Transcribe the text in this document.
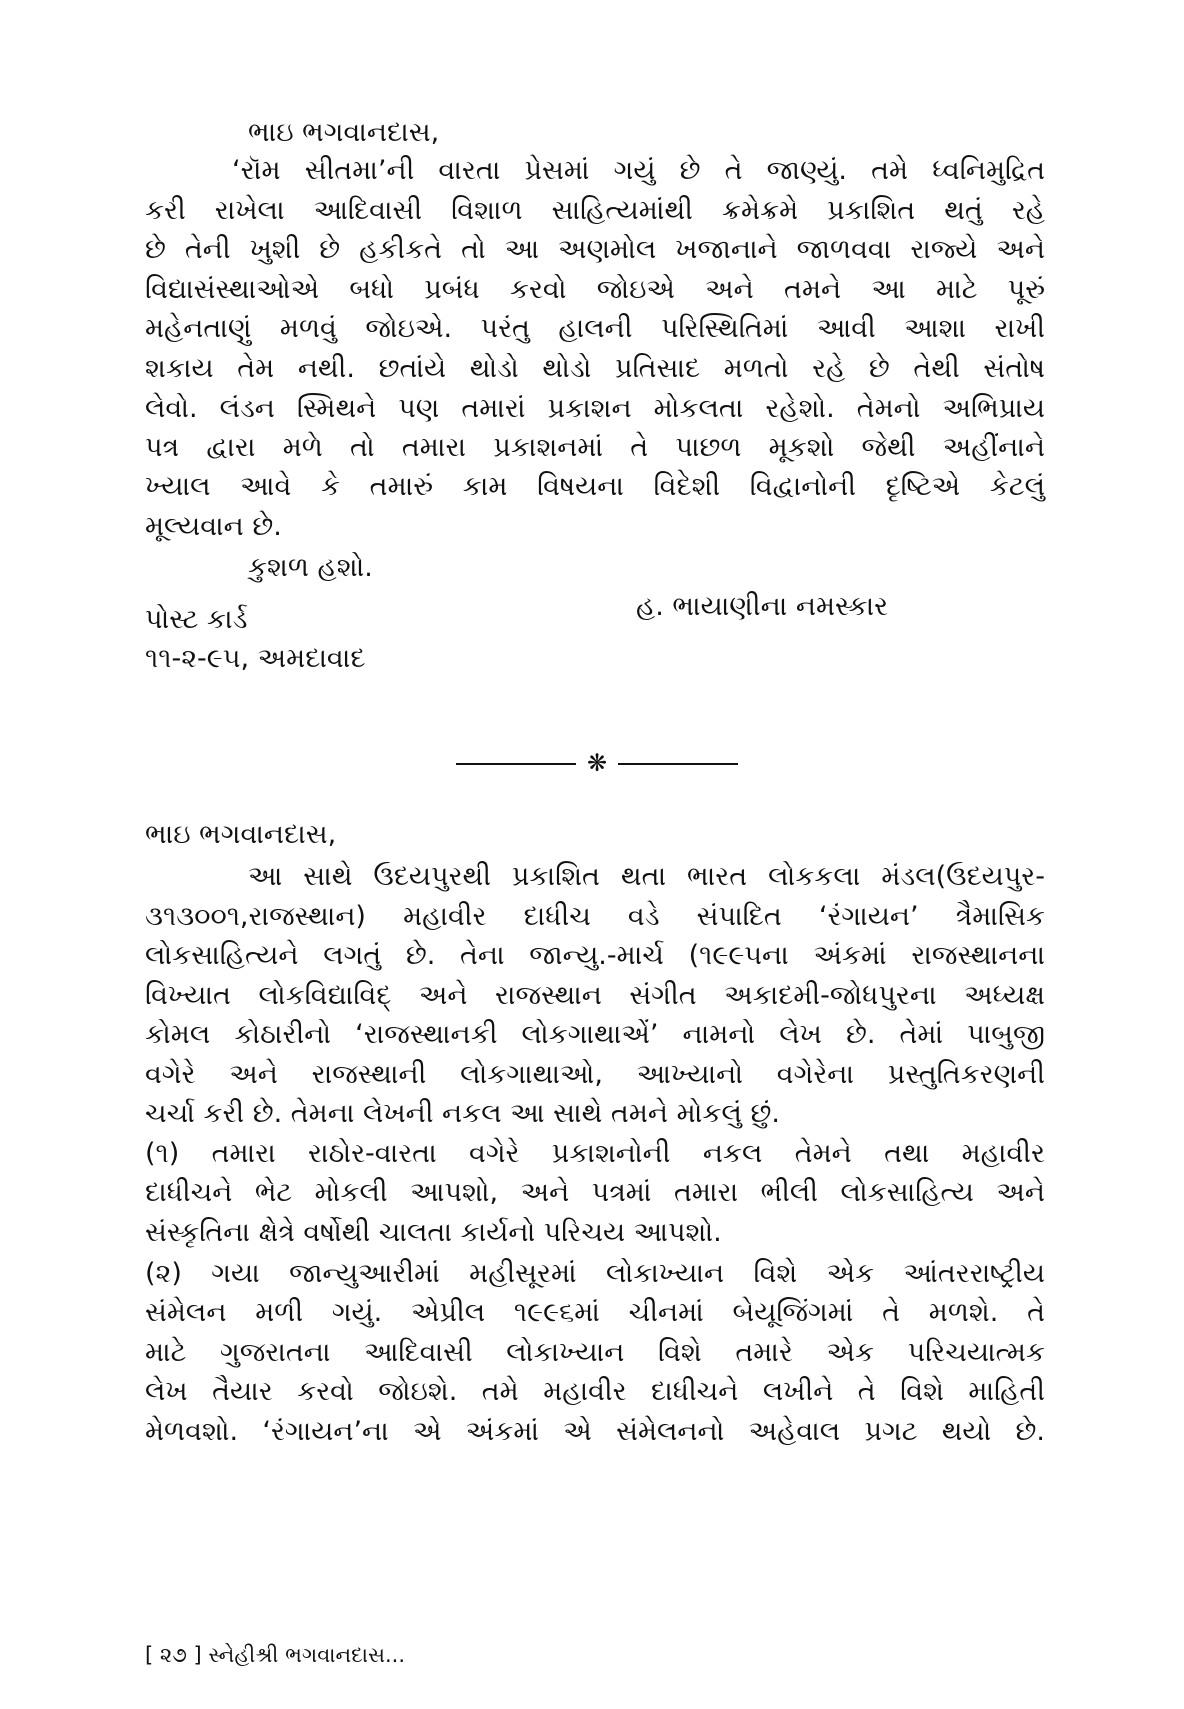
ભાઇ ભગવાનદાસ,
‘રૉમ સીતમા’ની વારતા પ્રેસમાં ગયું છે તે જાણ્યું. તમે ધ્વનિમુદ્રિત
કરી રાખેલા આદિવાસી વિશાળ સાહિત્યમાંથી ક્રમેક્રમે પ્રકાશિત થતું રહે
છે તેની ખુશી છે હકીકતે તો આ અણમોલ ખજાનાને જાળવવા રાજ્યે અને
વિદ્યાસંસ્થાઓએ બધો પ્રબંધ કરવો જોઇએ અને તમને આ માટે પૂરું
મહેનતાણું મળવું જોઇએ. પરંતુ હાલની પરિસ્થિતિમાં આવી આશા રાખી
શકાય તેમ નથી. છતાંયે થોડો થોડો પ્રતિસાદ મળતો રહે છે તેથી સંતોષ
લેવો. લંડન સ્મિથને પણ તમારાં પ્રકાશન મોકલતા રહેશો. તેમનો અભિપ્રાય
પત્ર દ્વારા મળે તો તમારા પ્રકાશનમાં તે પાછળ મૂકશો જેથી અહીંનાને
ખ્યાલ આવે કે તમારું કામ વિષયના વિદેશી વિદ્વાનોની દૃષ્ટિએ કેટલું
મૂલ્યવાન છે.
કુશળ હશો.
હ. ભાયાણીના નમસ્કાર
પોસ્ટ કાર્ડ
૧૧-૨-૯૫, અમદાવાદ
❋
ભાઇ ભગવાનદાસ,
આ સાથે ઉદયપુરથી પ્રકાશિત થતા ભારત લોકકલા મંડલ(ઉદયપુર-
૩૧૩૦૦૧,રાજસ્થાન) મહાવીર દાધીચ વડે સંપાદિત ‘રંગાયન’ ત્રૈમાસિક
લોકસાહિત્યને લગતું છે. તેના જાન્યુ.-માર્ચ (૧૯૯૫ના અંકમાં રાજસ્થાનના
વિખ્યાત લોકવિદ્યાવિદ્ અને રાજસ્થાન સંગીત અકાદમી-જોધપુરના અધ્યક્ષ
કોમલ કોઠારીનો ‘રાજસ્થાનકી લોકગાથાએં’ નામનો લેખ છે. તેમાં પાબુજી
વગેરે અને રાજસ્થાની લોકગાથાઓ, આખ્યાનો વગેરેના પ્રસ્તુતિકરણની
ચર્ચા કરી છે. તેમના લેખની નકલ આ સાથે તમને મોકલું છું.
(૧) તમારા રાઠોર-વારતા વગેરે પ્રકાશનોની નકલ તેમને તથા મહાવીર
દાધીચને ભેટ મોકલી આપશો, અને પત્રમાં તમારા ભીલી લોકસાહિત્ય અને
સંસ્કૃતિના ક્ષેત્રે વર્ષોથી ચાલતા કાર્યનો પરિચય આપશો.
(૨) ગયા જાન્યુઆરીમાં મહીસૂરમાં લોકાખ્યાન વિશે એક આંતરરાષ્ટ્રીય
સંમેલન મળી ગયું. એપ્રીલ ૧૯૯૬માં ચીનમાં બેયૂજિંગમાં તે મળશે. તે
માટે ગુજરાતના આદિવાસી લોકાખ્યાન વિશે તમારે એક પરિચયાત્મક
લેખ તૈયાર કરવો જોઇશે. તમે મહાવીર દાધીચને લખીને તે વિશે માહિતી
મેળવશો. ‘રંગાયન’ના એ અંકમાં એ સંમેલનનો અહેવાલ પ્રગટ થયો છે.
[ ૨૭ ] સ્નેહીશ્રી ભગવાનદાસ...
